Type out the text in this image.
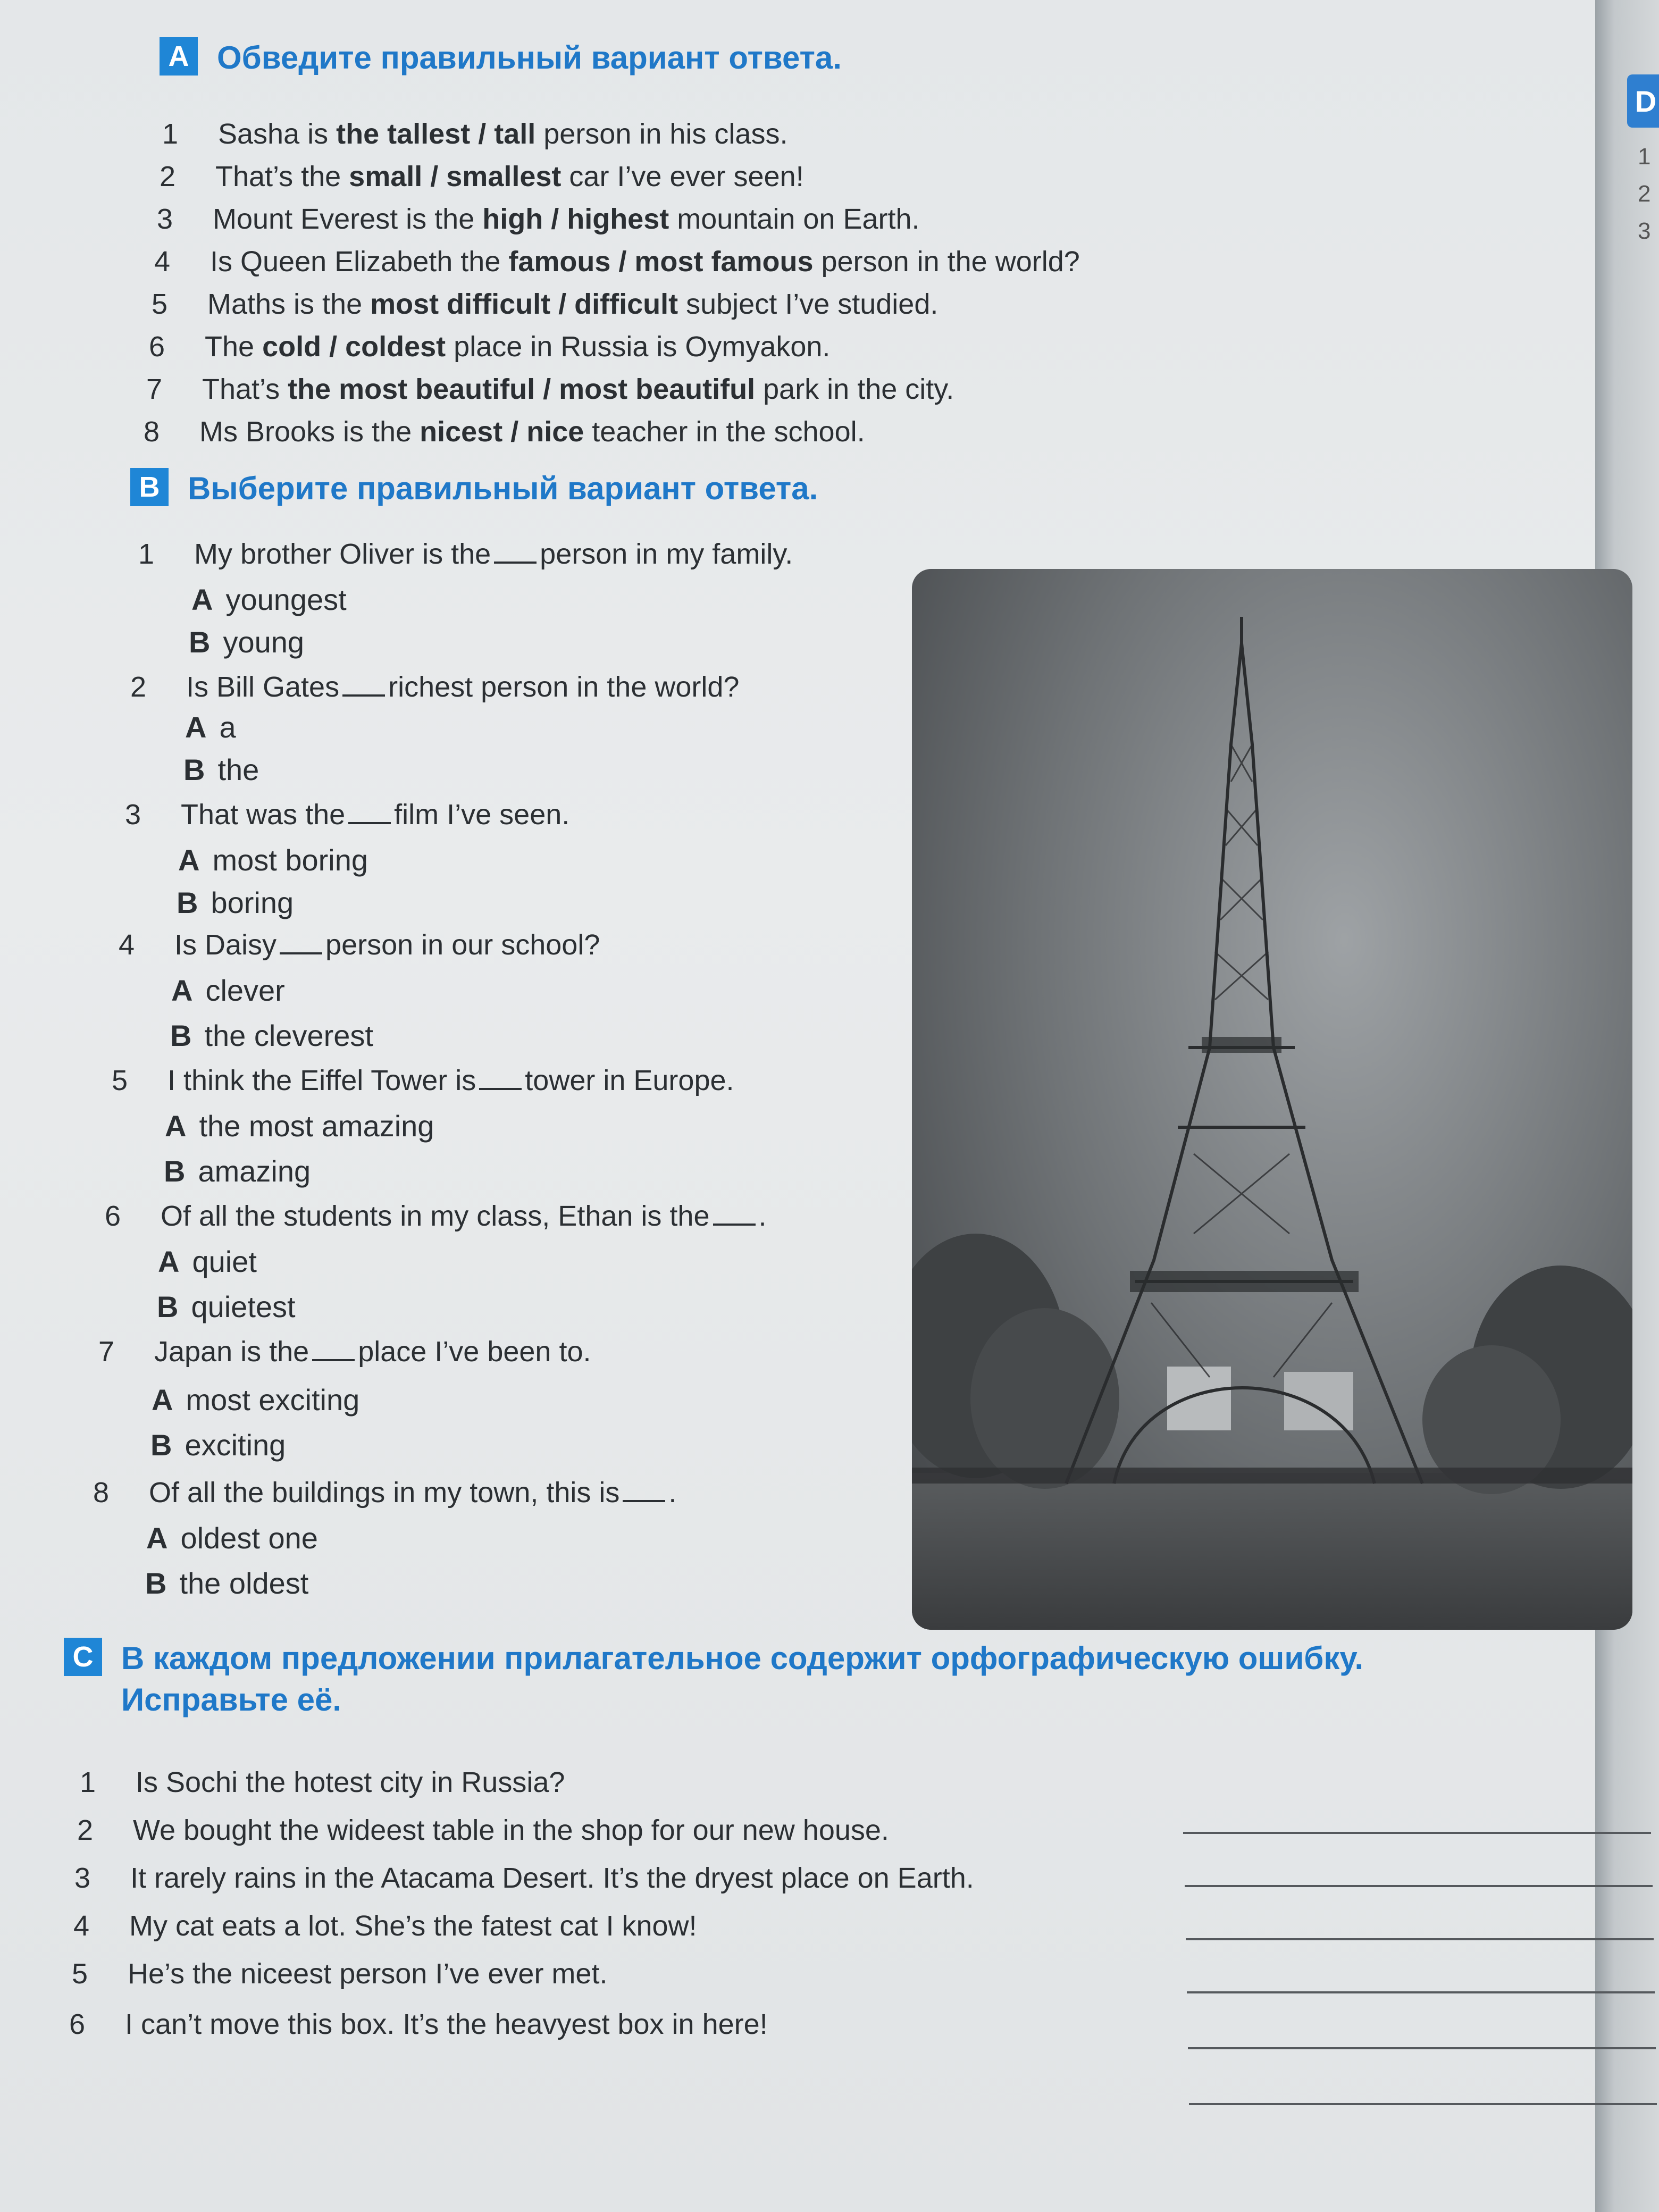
D
1
2
3
A Обведите правильный вариант ответа.
1 Sasha is the tallest / tall person in his class.
2 That’s the small / smallest car I’ve ever seen!
3 Mount Everest is the high / highest mountain on Earth.
4 Is Queen Elizabeth the famous / most famous person in the world?
5 Maths is the most difficult / difficult subject I’ve studied.
6 The cold / coldest place in Russia is Oymyakon.
7 That’s the most beautiful / most beautiful park in the city.
8 Ms Brooks is the nicest / nice teacher in the school.
B Выберите правильный вариант ответа.
1 My brother Oliver is the person in my family.
A youngest
B young
2 Is Bill Gates richest person in the world?
A a
B the
3 That was the film I’ve seen.
A most boring
B boring
4 Is Daisy person in our school?
A clever
B the cleverest
5 I think the Eiffel Tower is tower in Europe.
A the most amazing
B amazing
6 Of all the students in my class, Ethan is the .
A quiet
B quietest
7 Japan is the place I’ve been to.
A most exciting
B exciting
8 Of all the buildings in my town, this is .
A oldest one
B the oldest
C В каждом предложении прилагательное содержит орфографическую ошибку.
Исправьте её.
1 Is Sochi the hotest city in Russia?
2 We bought the wideest table in the shop for our new house.
3 It rarely rains in the Atacama Desert. It’s the dryest place on Earth.
4 My cat eats a lot. She’s the fatest cat I know!
5 He’s the niceest person I’ve ever met.
6 I can’t move this box. It’s the heavyest box in here!
